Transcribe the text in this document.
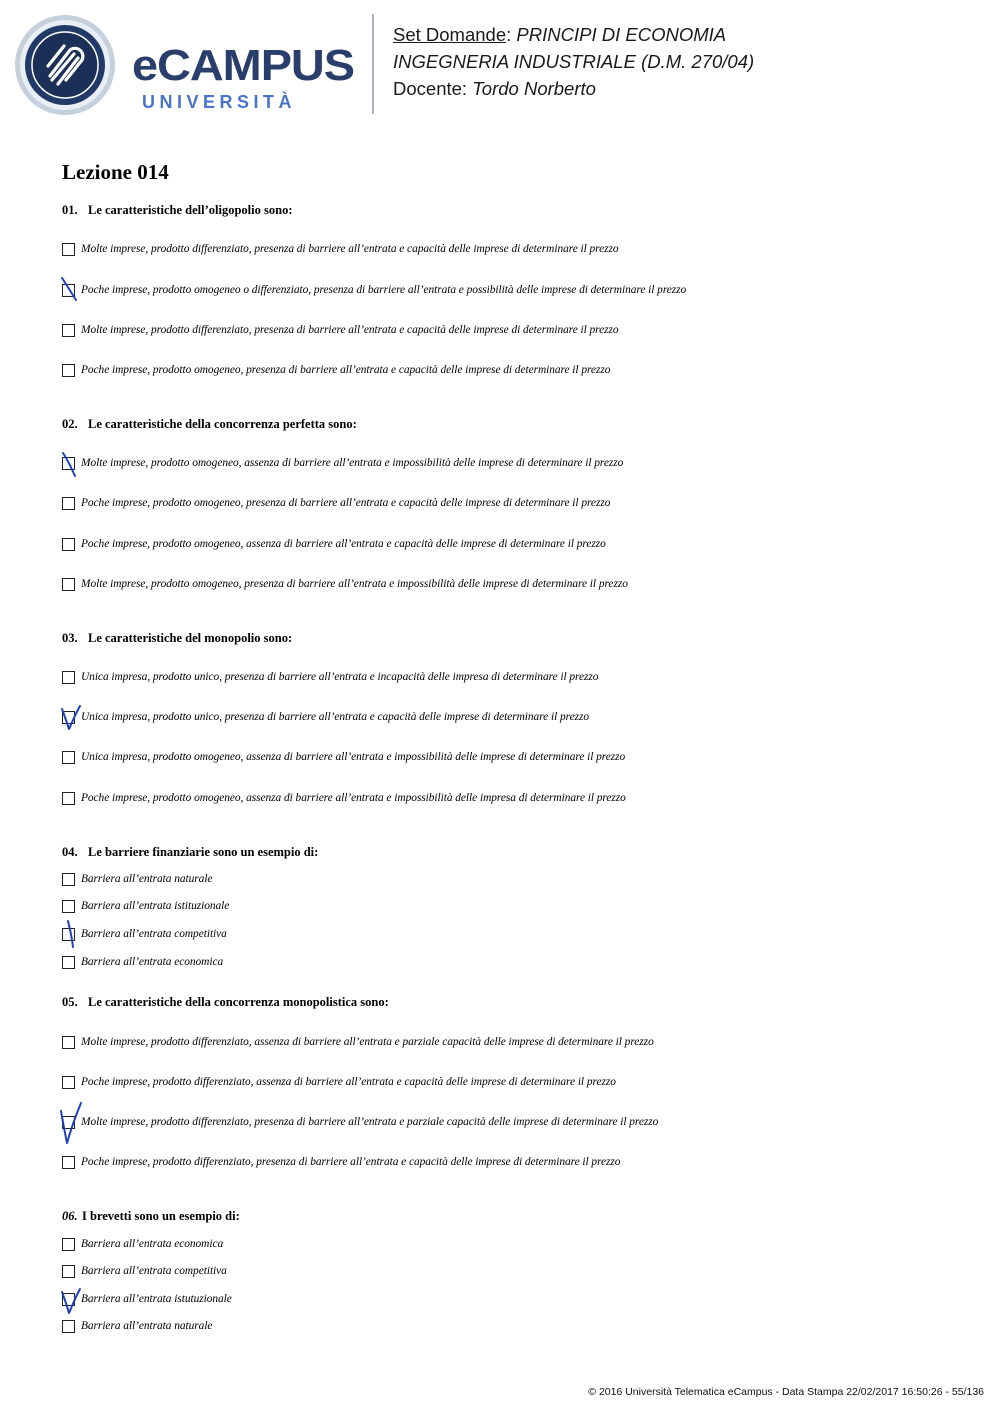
eCAMPUS
UNIVERSITÀ
Set Domande: PRINCIPI DI ECONOMIA
INGEGNERIA INDUSTRIALE (D.M. 270/04)
Docente: Tordo Norberto
Lezione 014
01. Le caratteristiche dell’oligopolio sono:
Molte imprese, prodotto differenziato, presenza di barriere all’entrata e capacità delle imprese di determinare il prezzo
Poche imprese, prodotto omogeneo o differenziato, presenza di barriere all’entrata e possibilità delle imprese di determinare il prezzo
Molte imprese, prodotto differenziato, presenza di barriere all’entrata e capacità delle imprese di determinare il prezzo
Poche imprese, prodotto omogeneo, presenza di barriere all’entrata e capacità delle imprese di determinare il prezzo
02. Le caratteristiche della concorrenza perfetta sono:
Molte imprese, prodotto omogeneo, assenza di barriere all’entrata e impossibilità delle imprese di determinare il prezzo
Poche imprese, prodotto omogeneo, presenza di barriere all’entrata e capacità delle imprese di determinare il prezzo
Poche imprese, prodotto omogeneo, assenza di barriere all’entrata e capacità delle imprese di determinare il prezzo
Molte imprese, prodotto omogeneo, presenza di barriere all’entrata e impossibilità delle imprese di determinare il prezzo
03. Le caratteristiche del monopolio sono:
Unica impresa, prodotto unico, presenza di barriere all’entrata e incapacità delle impresa di determinare il prezzo
Unica impresa, prodotto unico, presenza di barriere all’entrata e capacità delle imprese di determinare il prezzo
Unica impresa, prodotto omogeneo, assenza di barriere all’entrata e impossibilità delle imprese di determinare il prezzo
Poche imprese, prodotto omogeneo, assenza di barriere all’entrata e impossibilità delle impresa di determinare il prezzo
04. Le barriere finanziarie sono un esempio di:
Barriera all’entrata naturale
Barriera all’entrata istituzionale
Barriera all’entrata competitiva
Barriera all’entrata economica
05. Le caratteristiche della concorrenza monopolistica sono:
Molte imprese, prodotto differenziato, assenza di barriere all’entrata e parziale capacità delle imprese di determinare il prezzo
Poche imprese, prodotto differenziato, assenza di barriere all’entrata e capacità delle imprese di determinare il prezzo
Molte imprese, prodotto differenziato, presenza di barriere all’entrata e parziale capacità delle imprese di determinare il prezzo
Poche imprese, prodotto differenziato, presenza di barriere all’entrata e capacità delle imprese di determinare il prezzo
06. I brevetti sono un esempio di:
Barriera all’entrata economica
Barriera all’entrata competitiva
Barriera all’entrata istutuzionale
Barriera all’entrata naturale
© 2016 Università Telematica eCampus - Data Stampa 22/02/2017 16:50:26 - 55/136
